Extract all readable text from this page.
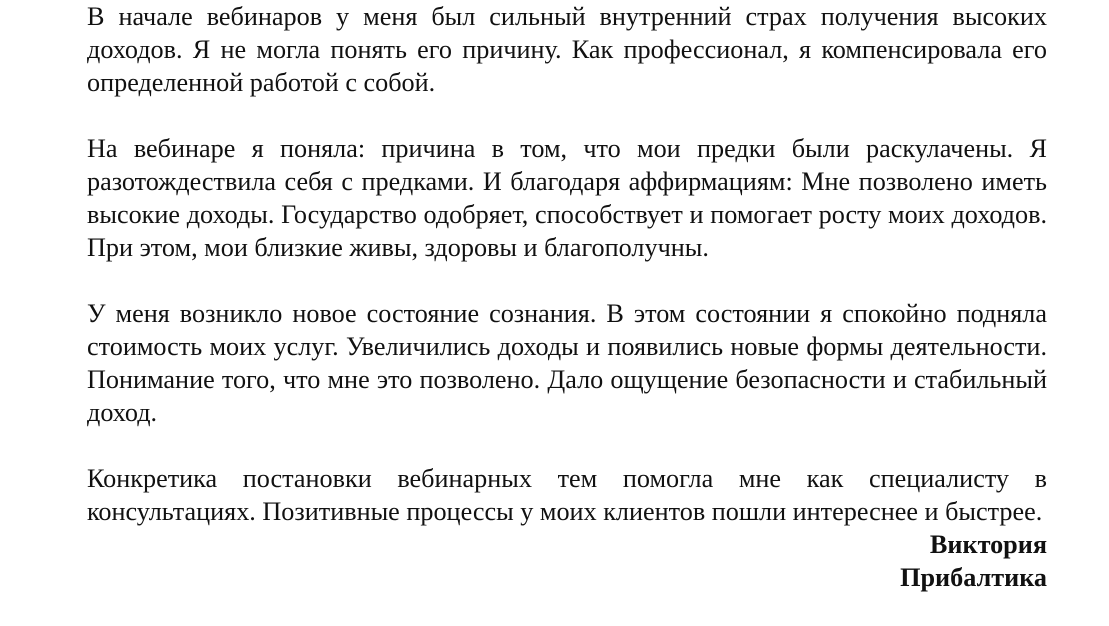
В начале вебинаров у меня был сильный внутренний страх получения высоких доходов. Я не могла понять его причину. Как профессионал, я компенсировала его определенной работой с собой.

На вебинаре я поняла: причина в том, что мои предки были раскулачены. Я разотождествила себя с предками. И благодаря аффирмациям: Мне позволено иметь высокие доходы. Государство одобряет, способствует и помогает росту моих доходов. При этом, мои близкие живы, здоровы и благополучны.

У меня возникло новое состояние сознания. В этом состоянии я спокойно подняла стоимость моих услуг. Увеличились доходы и появились новые формы деятельности. Понимание того, что мне это позволено. Дало ощущение безопасности и стабильный доход.

Конкретика постановки вебинарных тем помогла мне как специалисту в консультациях. Позитивные процессы у моих клиентов пошли интереснее и быстрее.

Виктория
Прибалтика
